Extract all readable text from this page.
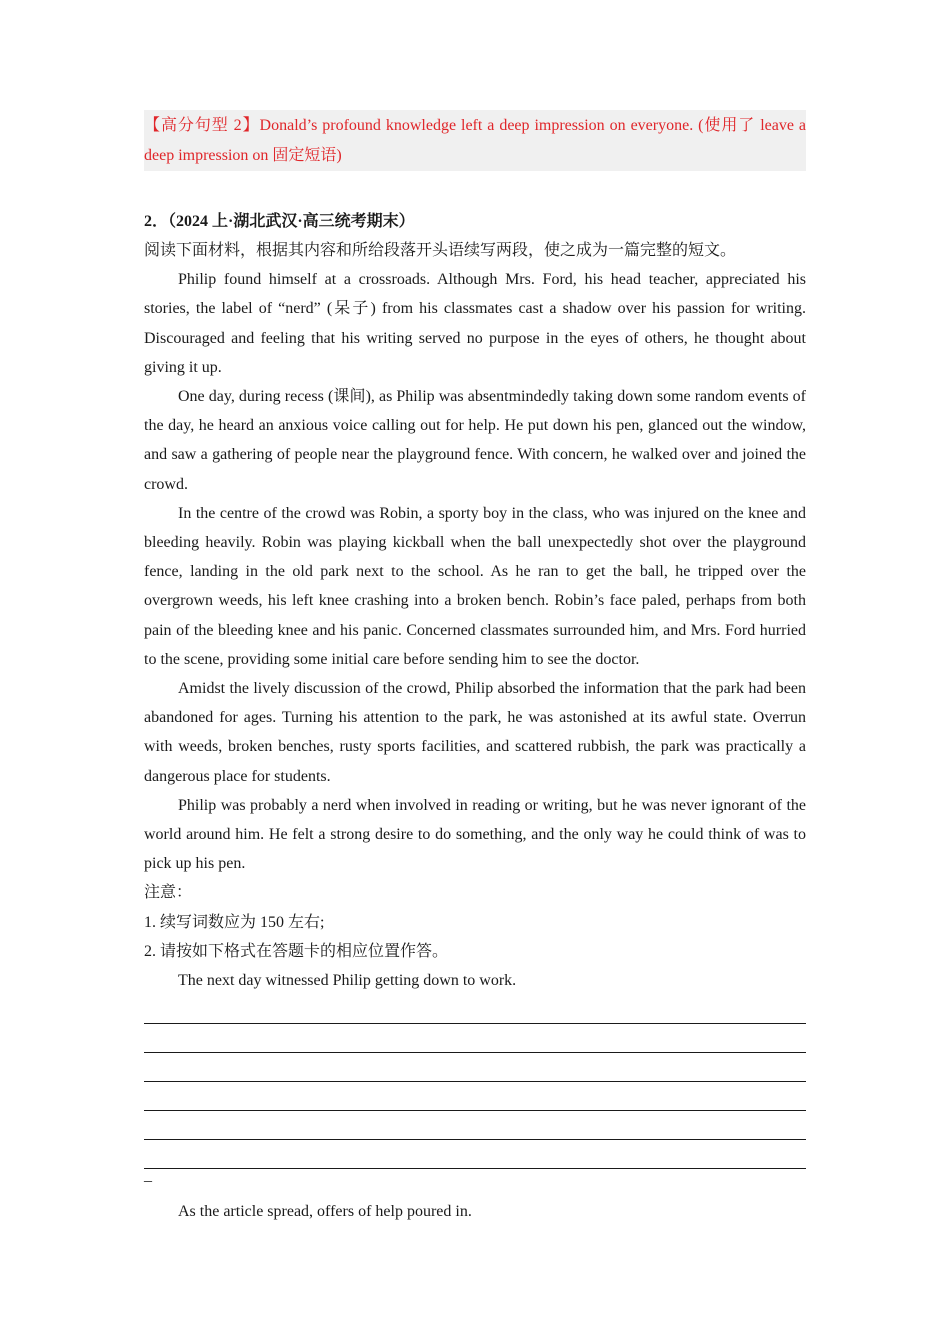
【高分句型 2】Donald’s profound knowledge left a deep impression on everyone. (使用了 leave a deep impression on 固定短语)

2．（2024 上·湖北武汉·高三统考期末）

阅读下面材料，根据其内容和所给段落开头语续写两段，使之成为一篇完整的短文。

Philip found himself at a crossroads. Although Mrs. Ford, his head teacher, appreciated his stories, the label of “nerd” (呆子) from his classmates cast a shadow over his passion for writing. Discouraged and feeling that his writing served no purpose in the eyes of others, he thought about giving it up.

One day, during recess (课间), as Philip was absentmindedly taking down some random events of the day, he heard an anxious voice calling out for help. He put down his pen, glanced out the window, and saw a gathering of people near the playground fence. With concern, he walked over and joined the crowd.

In the centre of the crowd was Robin, a sporty boy in the class, who was injured on the knee and bleeding heavily. Robin was playing kickball when the ball unexpectedly shot over the playground fence, landing in the old park next to the school. As he ran to get the ball, he tripped over the overgrown weeds, his left knee crashing into a broken bench. Robin’s face paled, perhaps from both pain of the bleeding knee and his panic. Concerned classmates surrounded him, and Mrs. Ford hurried to the scene, providing some initial care before sending him to see the doctor.

Amidst the lively discussion of the crowd, Philip absorbed the information that the park had been abandoned for ages. Turning his attention to the park, he was astonished at its awful state. Overrun with weeds, broken benches, rusty sports facilities, and scattered rubbish, the park was practically a dangerous place for students.

Philip was probably a nerd when involved in reading or writing, but he was never ignorant of the world around him. He felt a strong desire to do something, and the only way he could think of was to pick up his pen.

注意：

1. 续写词数应为 150 左右;

2. 请按如下格式在答题卡的相应位置作答。

The next day witnessed Philip getting down to work.

_

As the article spread, offers of help poured in.
